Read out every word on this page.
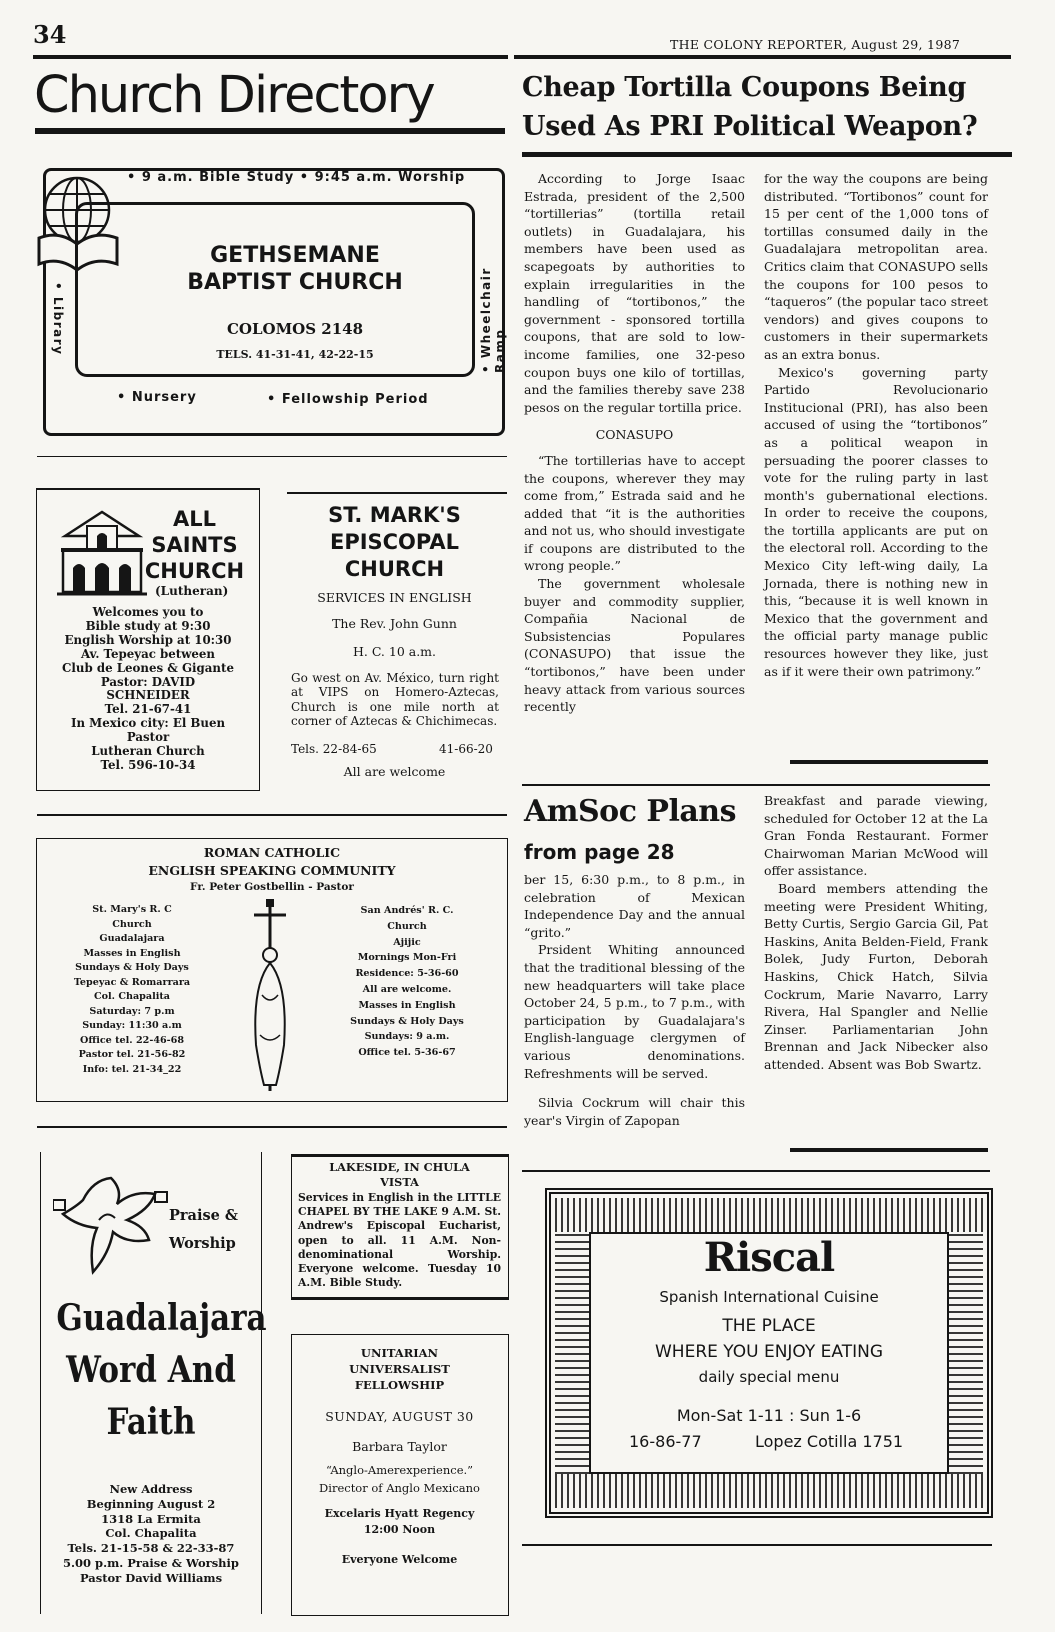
34	THE COLONY REPORTER, August 29, 1987
Church Directory
• 9 a.m. Bible Study • 9:45 a.m. Worship
GETHSEMANE
BAPTIST CHURCH
COLOMOS 2148
TELS. 41-31-41, 42-22-15
• Library	• Wheelchair Ramp
• Nursery	• Fellowship Period
ALL
SAINTS
CHURCH
(Lutheran)
Welcomes you to
Bible study at 9:30
English Worship at 10:30
Av. Tepeyac between
Club de Leones & Gigante
Pastor: DAVID
SCHNEIDER
Tel. 21-67-41
In Mexico city: El Buen
Pastor
Lutheran Church
Tel. 596-10-34
ST. MARK'S
EPISCOPAL
CHURCH
SERVICES IN ENGLISH
The Rev. John Gunn
H. C. 10 a.m.
Go west on Av. México, turn right at VIPS on Homero-Aztecas, Church is one mile north at corner of Aztecas & Chichimecas.
Tels. 22-84-65	41-66-20
All are welcome
ROMAN CATHOLIC
ENGLISH SPEAKING COMMUNITY
Fr. Peter Gostbellin - Pastor
St. Mary's R. C
Church
Guadalajara
Masses in English
Sundays & Holy Days
Tepeyac & Romarrara
Col. Chapalita
Saturday: 7 p.m
Sunday: 11:30 a.m
Office tel. 22-46-68
Pastor tel. 21-56-82
Info: tel. 21-34_22
San Andrés' R. C.
Church
Ajijic
Mornings Mon-Fri
Residence: 5-36-60
All are welcome.
Masses in English
Sundays & Holy Days
Sundays: 9 a.m.
Office tel. 5-36-67
Praise &
Worship
Guadalajara
Word And
Faith
New Address
Beginning August 2
1318 La Ermita
Col. Chapalita
Tels. 21-15-58 & 22-33-87
5.00 p.m. Praise & Worship
Pastor David Williams
LAKESIDE, IN CHULA
VISTA
Services in English in the LITTLE CHAPEL BY THE LAKE 9 A.M. St. Andrew's Episcopal Eucharist, open to all. 11 A.M. Non-denominational Worship. Everyone welcome. Tuesday 10 A.M. Bible Study.
UNITARIAN
UNIVERSALIST
FELLOWSHIP
SUNDAY, AUGUST 30
Barbara Taylor
“Anglo-Amerexperience.”
Director of Anglo Mexicano
Excelaris Hyatt Regency
12:00 Noon
Everyone Welcome
Cheap Tortilla Coupons Being
Used As PRI Political Weapon?

According to Jorge Isaac Estrada, president of the 2,500 “tortillerias” (tortilla retail outlets) in Guadalajara, his members have been used as scapegoats by authorities to explain irregularities in the handling of “tortibonos,” the government - sponsored tortilla coupons, that are sold to low-income families, one 32-peso coupon buys one kilo of tortillas, and the families thereby save 238 pesos on the regular tortilla price.

CONASUPO

“The tortillerias have to accept the coupons, wherever they may come from,” Estrada said and he added that “it is the authorities and not us, who should investigate if coupons are distributed to the wrong people.”

The government wholesale buyer and commodity supplier, Compañia Nacional de Subsistencias Populares (CONASUPO) that issue the “tortibonos,” have been under heavy attack from various sources recently

for the way the coupons are being distributed. “Tortibonos” count for 15 per cent of the 1,000 tons of tortillas consumed daily in the Guadalajara metropolitan area. Critics claim that CONASUPO sells the coupons for 100 pesos to “taqueros” (the popular taco street vendors) and gives coupons to customers in their supermarkets as an extra bonus.

Mexico's governing party Partido Revolucionario Institucional (PRI), has also been accused of using the “tortibonos” as a political weapon in persuading the poorer classes to vote for the ruling party in last month's gubernational elections. In order to receive the coupons, the tortilla applicants are put on the electoral roll. According to the Mexico City left-wing daily, La Jornada, there is nothing new in this, “because it is well known in Mexico that the government and the official party manage public resources however they like, just as if it were their own patrimony.”

AmSoc Plans
from page 28

ber 15, 6:30 p.m., to 8 p.m., in celebration of Mexican Independence Day and the annual “grito.”

Prsident Whiting announced that the traditional blessing of the new headquarters will take place October 24, 5 p.m., to 7 p.m., with participation by Guadalajara's English-language clergymen of various denominations. Refreshments will be served.

Silvia Cockrum will chair this year's Virgin of Zapopan

Breakfast and parade viewing, scheduled for October 12 at the La Gran Fonda Restaurant. Former Chairwoman Marian McWood will offer assistance.

Board members attending the meeting were President Whiting, Betty Curtis, Sergio Garcia Gil, Pat Haskins, Anita Belden-Field, Frank Bolek, Judy Furton, Deborah Haskins, Chick Hatch, Silvia Cockrum, Marie Navarro, Larry Rivera, Hal Spangler and Nellie Zinser. Parliamentarian John Brennan and Jack Nibecker also attended. Absent was Bob Swartz.

Riscal
Spanish International Cuisine
THE PLACE
WHERE YOU ENJOY EATING
daily special menu
Mon-Sat 1-11 : Sun 1-6
16-86-77	Lopez Cotilla 1751
